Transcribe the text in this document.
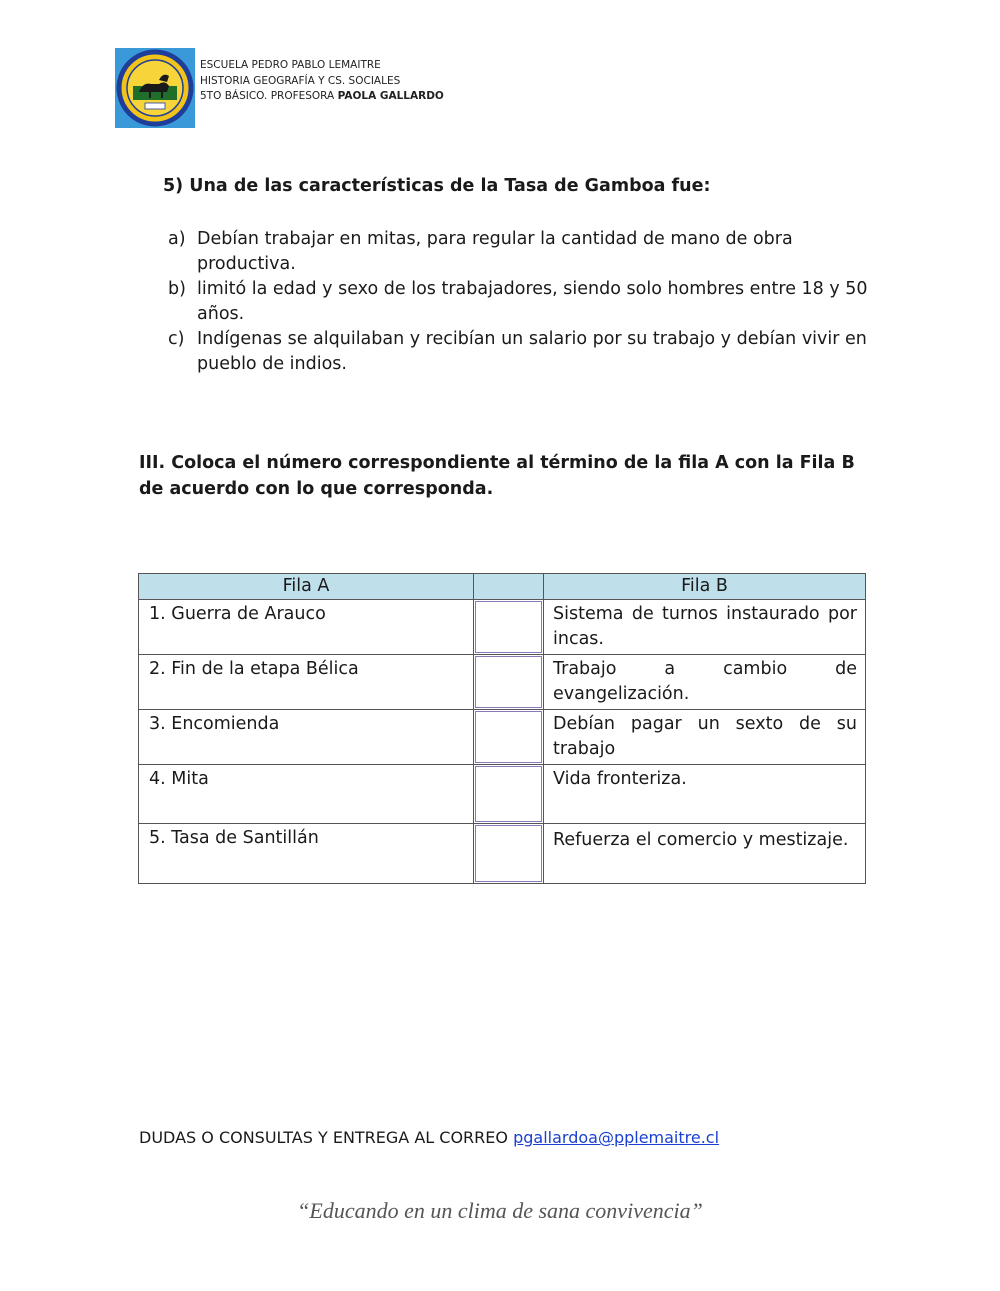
ESCUELA PEDRO PABLO LEMAITRE
HISTORIA GEOGRAFÍA Y CS. SOCIALES
5TO BÁSICO. PROFESORA PAOLA GALLARDO
5) Una de las características de la Tasa de Gamboa fue:
a) Debían trabajar en mitas, para regular la cantidad de mano de obra productiva.
b) limitó la edad y sexo de los trabajadores, siendo solo hombres entre 18 y 50 años.
c) Indígenas se alquilaban y recibían un salario por su trabajo y debían vivir en pueblo de indios.
III. Coloca el número correspondiente al término de la fila A con la Fila B de acuerdo con lo que corresponda.
Fila A		Fila B
1. Guerra de Arauco		Sistema de turnos instaurado por incas.
2. Fin de la etapa Bélica		Trabajo a cambio de evangelización.
3. Encomienda		Debían pagar un sexto de su trabajo
4. Mita		Vida fronteriza.
5. Tasa de Santillán		Refuerza el comercio y mestizaje.
DUDAS O CONSULTAS Y ENTREGA AL CORREO pgallardoa@pplemaitre.cl
“Educando en un clima de sana convivencia”
